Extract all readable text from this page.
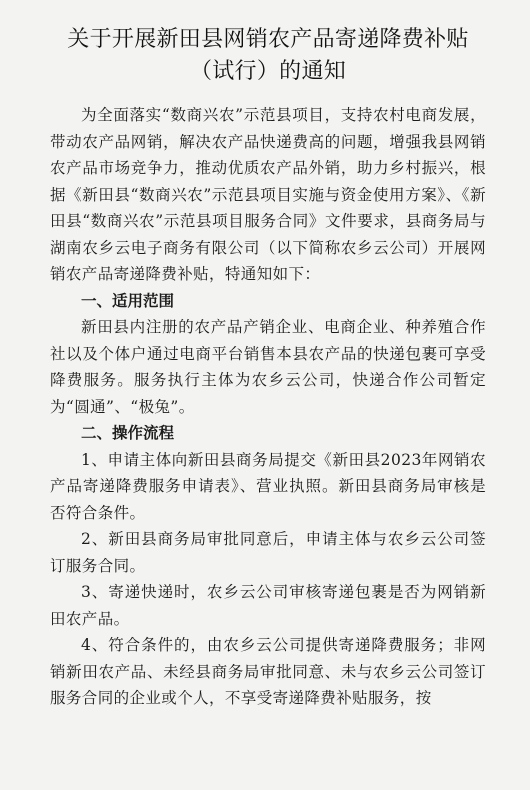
关于开展新田县网销农产品寄递降费补贴
（试行）的通知

为全面落实“数商兴农”示范县项目，支持农村电商发展，带动农产品网销，解决农产品快递费高的问题，增强我县网销农产品市场竞争力，推动优质农产品外销，助力乡村振兴，根据《新田县“数商兴农”示范县项目实施与资金使用方案》、《新田县“数商兴农”示范县项目服务合同》文件要求，县商务局与湖南农乡云电子商务有限公司（以下简称农乡云公司）开展网销农产品寄递降费补贴，特通知如下：

一、适用范围

新田县内注册的农产品产销企业、电商企业、种养殖合作社以及个体户通过电商平台销售本县农产品的快递包裹可享受降费服务。服务执行主体为农乡云公司，快递合作公司暂定为“圆通”、“极兔”。

二、操作流程

1、申请主体向新田县商务局提交《新田县2023年网销农产品寄递降费服务申请表》、营业执照。新田县商务局审核是否符合条件。

2、新田县商务局审批同意后，申请主体与农乡云公司签订服务合同。

3、寄递快递时，农乡云公司审核寄递包裹是否为网销新田农产品。

4、符合条件的，由农乡云公司提供寄递降费服务；非网销新田农产品、未经县商务局审批同意、未与农乡云公司签订服务合同的企业或个人，不享受寄递降费补贴服务，按
